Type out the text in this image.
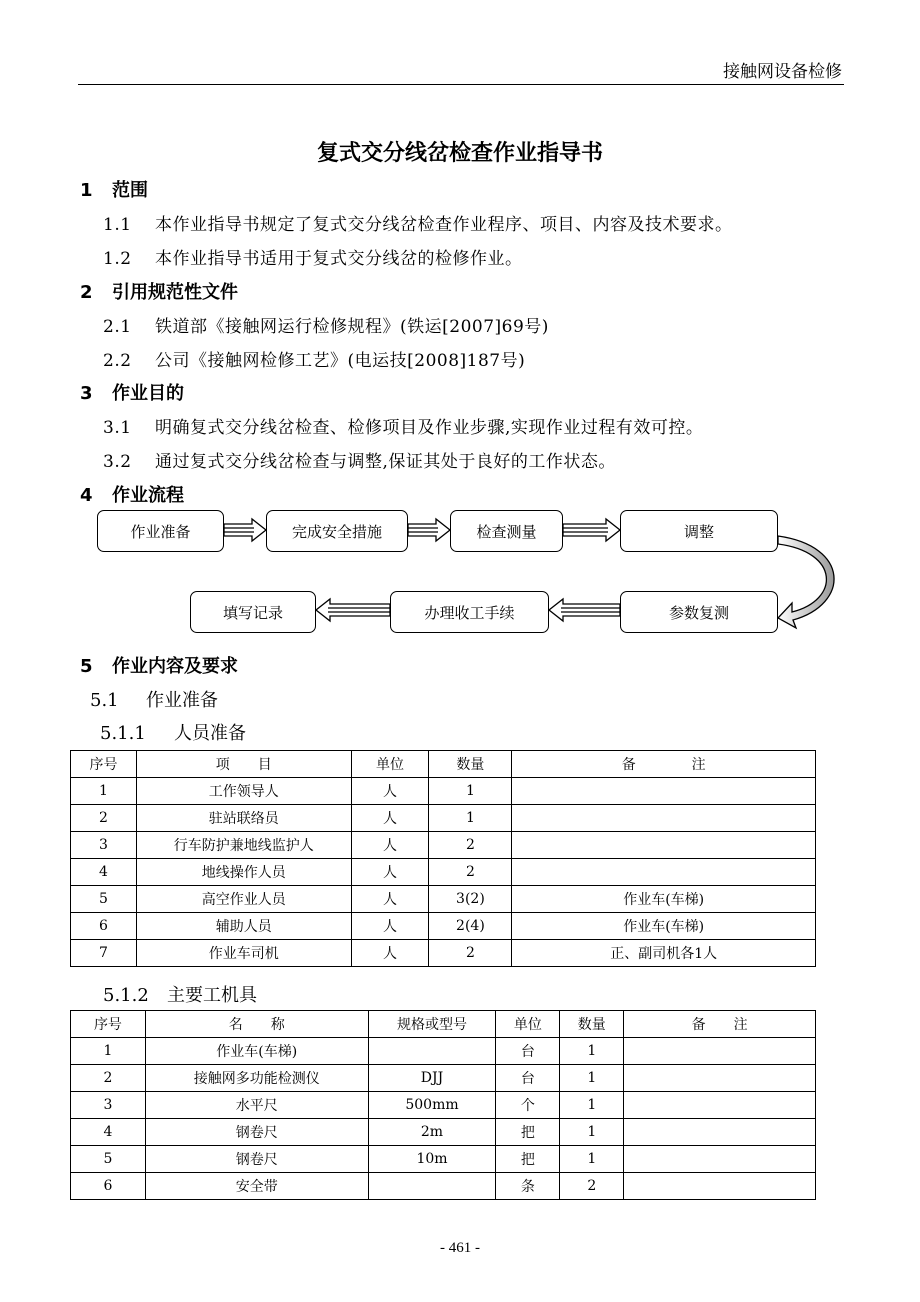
接触网设备检修
复式交分线岔检查作业指导书
1 范围
1.1 本作业指导书规定了复式交分线岔检查作业程序、项目、内容及技术要求。
1.2 本作业指导书适用于复式交分线岔的检修作业。
2 引用规范性文件
2.1 铁道部《接触网运行检修规程》(铁运[2007]69号)
2.2 公司《接触网检修工艺》(电运技[2008]187号)
3 作业目的
3.1 明确复式交分线岔检查、检修项目及作业步骤,实现作业过程有效可控。
3.2 通过复式交分线岔检查与调整,保证其处于良好的工作状态。
4 作业流程
作业准备	完成安全措施	检查测量	调整
参数复测
办理收工手续
填写记录
5 作业内容及要求
5.1 作业准备
5.1.1 人员准备
序号	项　　目	单位	数量	备　　　　注
1	工作领导人	人	1	
2	驻站联络员	人	1	
3	行车防护兼地线监护人	人	2	
4	地线操作人员	人	2	
5	高空作业人员	人	3(2)	作业车(车梯)
6	辅助人员	人	2(4)	作业车(车梯)
7	作业车司机	人	2	正、副司机各1人
5.1.2 主要工机具
序号	名　　称	规格或型号	单位	数量	备　　注
1	作业车(车梯)		台	1	
2	接触网多功能检测仪	DJJ	台	1	
3	水平尺	500mm	个	1	
4	钢卷尺	2m	把	1	
5	钢卷尺	10m	把	1	
6	安全带		条	2	
- 461 -
